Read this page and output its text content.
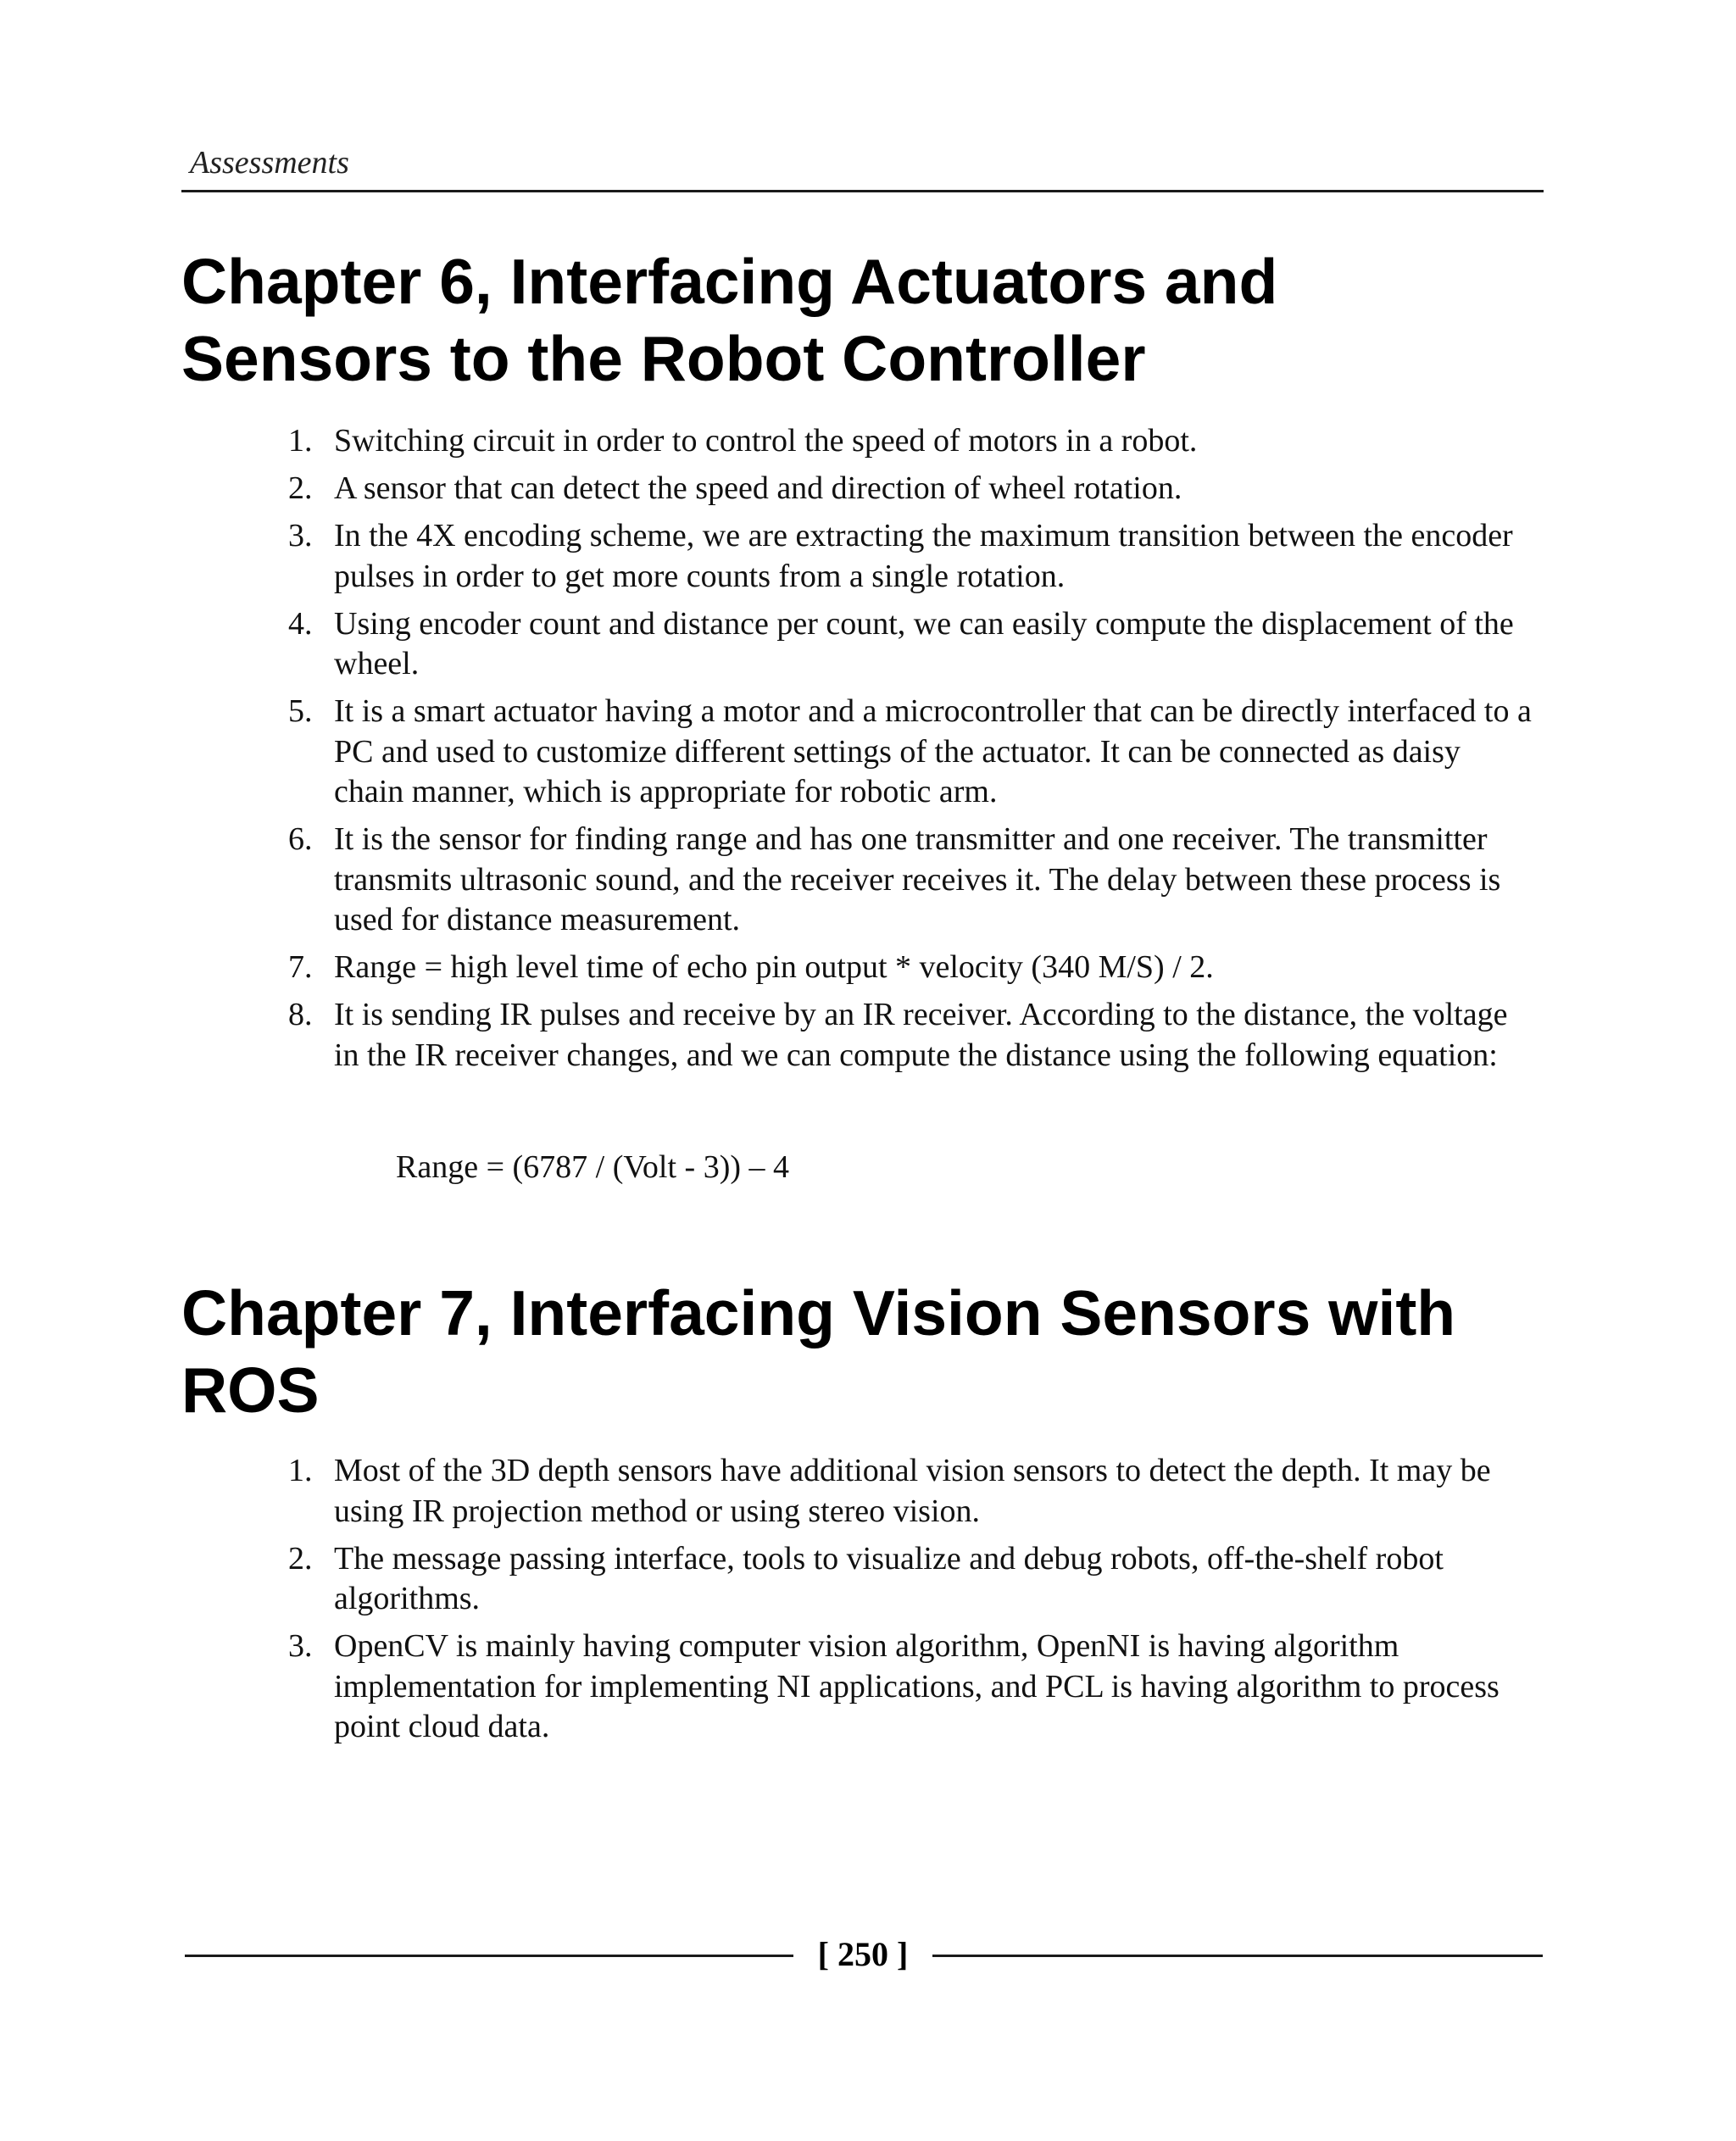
Assessments
Chapter 6, Interfacing Actuators and Sensors to the Robot Controller
1. Switching circuit in order to control the speed of motors in a robot.
2. A sensor that can detect the speed and direction of wheel rotation.
3. In the 4X encoding scheme, we are extracting the maximum transition between the encoder pulses in order to get more counts from a single rotation.
4. Using encoder count and distance per count, we can easily compute the displacement of the wheel.
5. It is a smart actuator having a motor and a microcontroller that can be directly interfaced to a PC and used to customize different settings of the actuator. It can be connected as daisy chain manner, which is appropriate for robotic arm.
6. It is the sensor for finding range and has one transmitter and one receiver. The transmitter transmits ultrasonic sound, and the receiver receives it. The delay between these process is used for distance measurement.
7. Range = high level time of echo pin output * velocity (340 M/S) / 2.
8. It is sending IR pulses and receive by an IR receiver. According to the distance, the voltage in the IR receiver changes, and we can compute the distance using the following equation:
Range = (6787 / (Volt - 3)) – 4
Chapter 7, Interfacing Vision Sensors with ROS
1. Most of the 3D depth sensors have additional vision sensors to detect the depth. It may be using IR projection method or using stereo vision.
2. The message passing interface, tools to visualize and debug robots, off-the-shelf robot algorithms.
3. OpenCV is mainly having computer vision algorithm, OpenNI is having algorithm implementation for implementing NI applications, and PCL is having algorithm to process point cloud data.
[ 250 ]
